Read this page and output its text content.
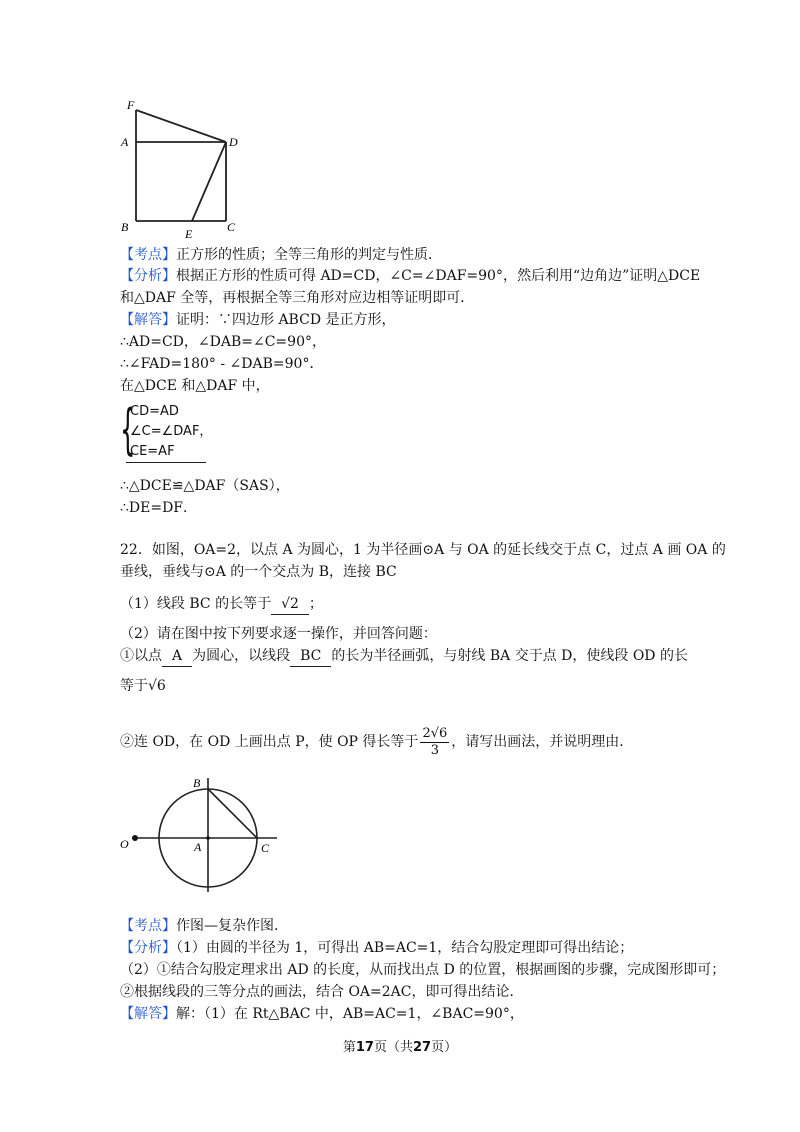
F
A	D
B	E	C
【考点】正方形的性质；全等三角形的判定与性质．
【分析】根据正方形的性质可得 AD=CD，∠C=∠DAF=90°，然后利用“边角边”证明△DCE
和△DAF 全等，再根据全等三角形对应边相等证明即可．
【解答】证明：∵四边形 ABCD 是正方形，
∴AD=CD，∠DAB=∠C=90°，
∴∠FAD=180° - ∠DAB=90°．
在△DCE 和△DAF 中，
{
CD=AD
∠C=∠DAF，
CE=AF
∴△DCE≌△DAF（SAS），
∴DE=DF．
22．如图，OA=2，以点 A 为圆心，1 为半径画⊙A 与 OA 的延长线交于点 C，过点 A 画 OA 的
垂线，垂线与⊙A 的一个交点为 B，连接 BC
（1）线段 BC 的长等于 √2 ；
（2）请在图中按下列要求逐一操作，并回答问题：
①以点 A 为圆心，以线段 BC 的长为半径画弧，与射线 BA 交于点 D，使线段 OD 的长
等于√6
②连 OD，在 OD 上画出点 P，使 OP 得长等于 $\frac{2√6}{3}$ ，请写出画法，并说明理由．
B
O	A	C
【考点】作图—复杂作图．
【分析】（1）由圆的半径为 1，可得出 AB=AC=1，结合勾股定理即可得出结论；
（2）①结合勾股定理求出 AD 的长度，从而找出点 D 的位置，根据画图的步骤，完成图形即可；
②根据线段的三等分点的画法，结合 OA=2AC，即可得出结论．
【解答】解：（1）在 Rt△BAC 中，AB=AC=1，∠BAC=90°，
第17页（共27页）
